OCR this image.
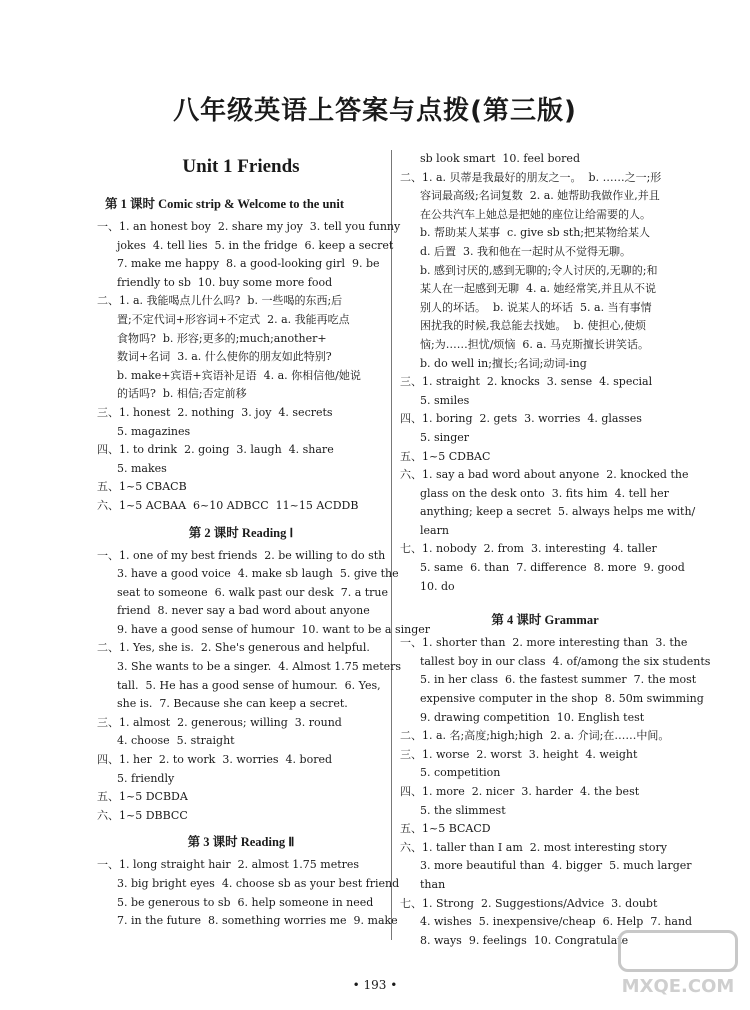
八年级英语上答案与点拨(第三版)
Unit 1 Friends
第 1 课时 Comic strip & Welcome to the unit
一、1. an honest boy  2. share my joy  3. tell you funny
jokes  4. tell lies  5. in the fridge  6. keep a secret
7. make me happy  8. a good-looking girl  9. be
friendly to sb  10. buy some more food
二、1. a. 我能喝点儿什么吗?  b. 一些喝的东西;后
置;不定代词+形容词+不定式  2. a. 我能再吃点
食物吗?  b. 形容;更多的;much;another+
数词+名词  3. a. 什么使你的朋友如此特别?
b. make+宾语+宾语补足语  4. a. 你相信他/她说
的话吗?  b. 相信;否定前移
三、1. honest  2. nothing  3. joy  4. secrets
5. magazines
四、1. to drink  2. going  3. laugh  4. share
5. makes
五、1~5 CBACB
六、1~5 ACBAA  6~10 ADBCC  11~15 ACDDB
第 2 课时 Reading Ⅰ
一、1. one of my best friends  2. be willing to do sth
3. have a good voice  4. make sb laugh  5. give the
seat to someone  6. walk past our desk  7. a true
friend  8. never say a bad word about anyone
9. have a good sense of humour  10. want to be a singer
二、1. Yes, she is.  2. She's generous and helpful.
3. She wants to be a singer.  4. Almost 1.75 meters
tall.  5. He has a good sense of humour.  6. Yes,
she is.  7. Because she can keep a secret.
三、1. almost  2. generous; willing  3. round
4. choose  5. straight
四、1. her  2. to work  3. worries  4. bored
5. friendly
五、1~5 DCBDA
六、1~5 DBBCC
第 3 课时 Reading Ⅱ
一、1. long straight hair  2. almost 1.75 metres
3. big bright eyes  4. choose sb as your best friend
5. be generous to sb  6. help someone in need
7. in the future  8. something worries me  9. make
sb look smart  10. feel bored
二、1. a. 贝蒂是我最好的朋友之一。  b. ……之一;形
容词最高级;名词复数  2. a. 她帮助我做作业,并且
在公共汽车上她总是把她的座位让给需要的人。
b. 帮助某人某事  c. give sb sth;把某物给某人
d. 后置  3. 我和他在一起时从不觉得无聊。
b. 感到讨厌的,感到无聊的;令人讨厌的,无聊的;和
某人在一起感到无聊  4. a. 她经常笑,并且从不说
别人的坏话。  b. 说某人的坏话  5. a. 当有事情
困扰我的时候,我总能去找她。  b. 使担心,使烦
恼;为……担忧/烦恼  6. a. 马克斯擅长讲笑话。
b. do well in;擅长;名词;动词-ing
三、1. straight  2. knocks  3. sense  4. special
5. smiles
四、1. boring  2. gets  3. worries  4. glasses
5. singer
五、1~5 CDBAC
六、1. say a bad word about anyone  2. knocked the
glass on the desk onto  3. fits him  4. tell her
anything; keep a secret  5. always helps me with/
learn
七、1. nobody  2. from  3. interesting  4. taller
5. same  6. than  7. difference  8. more  9. good
10. do
第 4 课时 Grammar
一、1. shorter than  2. more interesting than  3. the
tallest boy in our class  4. of/among the six students
5. in her class  6. the fastest summer  7. the most
expensive computer in the shop  8. 50m swimming
9. drawing competition  10. English test
二、1. a. 名;高度;high;high  2. a. 介词;在……中间。
三、1. worse  2. worst  3. height  4. weight
5. competition
四、1. more  2. nicer  3. harder  4. the best
5. the slimmest
五、1~5 BCACD
六、1. taller than I am  2. most interesting story
3. more beautiful than  4. bigger  5. much larger
than
七、1. Strong  2. Suggestions/Advice  3. doubt
4. wishes  5. inexpensive/cheap  6. Help  7. hand
8. ways  9. feelings  10. Congratulate
• 193 •	MXQE.COM
